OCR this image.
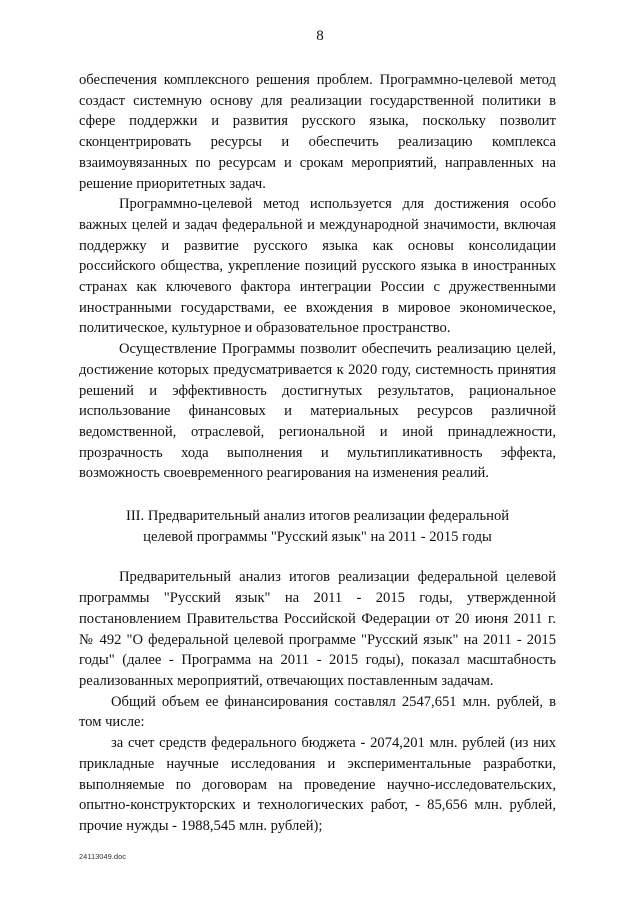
8

обеспечения комплексного решения проблем. Программно-целевой метод создаст системную основу для реализации государственной политики в сфере поддержки и развития русского языка, поскольку позволит сконцентрировать ресурсы и обеспечить реализацию комплекса взаимоувязанных по ресурсам и срокам мероприятий, направленных на решение приоритетных задач.

Программно-целевой метод используется для достижения особо важных целей и задач федеральной и международной значимости, включая поддержку и развитие русского языка как основы консолидации российского общества, укрепление позиций русского языка в иностранных странах как ключевого фактора интеграции России с дружественными иностранными государствами, ее вхождения в мировое экономическое, политическое, культурное и образовательное пространство.

Осуществление Программы позволит обеспечить реализацию целей, достижение которых предусматривается к 2020 году, системность принятия решений и эффективность достигнутых результатов, рациональное использование финансовых и материальных ресурсов различной ведомственной, отраслевой, региональной и иной принадлежности, прозрачность хода выполнения и мультипликативность эффекта, возможность своевременного реагирования на изменения реалий.

III. Предварительный анализ итогов реализации федеральной
целевой программы "Русский язык" на 2011 - 2015 годы

Предварительный анализ итогов реализации федеральной целевой программы "Русский язык" на 2011 - 2015 годы, утвержденной постановлением Правительства Российской Федерации от 20 июня 2011 г. № 492 "О федеральной целевой программе "Русский язык" на 2011 - 2015 годы" (далее - Программа на 2011 - 2015 годы), показал масштабность реализованных мероприятий, отвечающих поставленным задачам.

Общий объем ее финансирования составлял 2547,651 млн. рублей, в том числе:

за счет средств федерального бюджета - 2074,201 млн. рублей (из них прикладные научные исследования и экспериментальные разработки, выполняемые по договорам на проведение научно-исследовательских, опытно-конструкторских и технологических работ, - 85,656 млн. рублей, прочие нужды - 1988,545 млн. рублей);

24113049.doc
